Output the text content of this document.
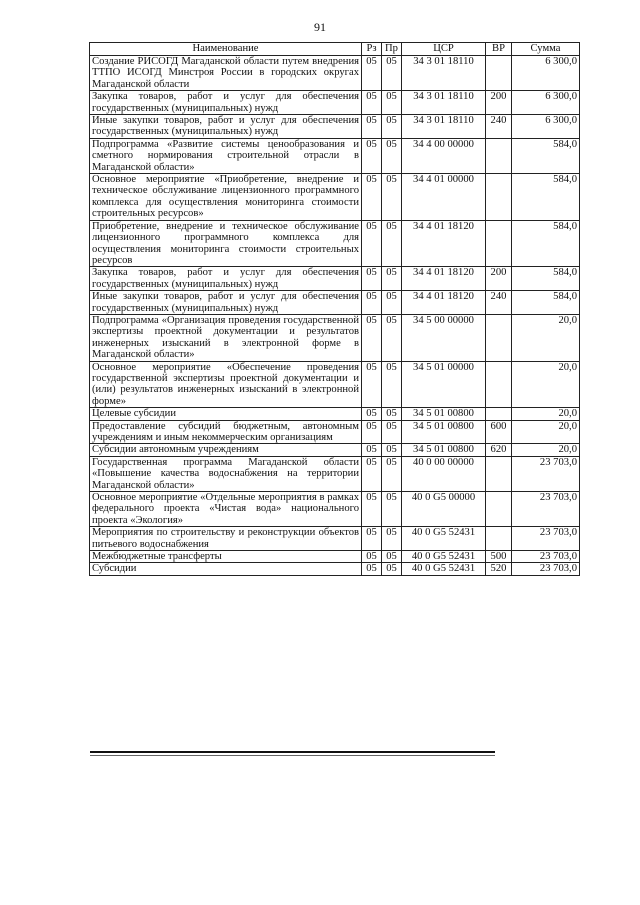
91
Наименование	Рз	Пр	ЦСР	ВР	Сумма
Создание РИСОГД Магаданской области путем внедрения ТТПО ИСОГД Минстроя России в городских округах Магаданской области	05	05	34 3 01 18110		6 300,0
Закупка товаров, работ и услуг для обеспечения государственных (муниципальных) нужд	05	05	34 3 01 18110	200	6 300,0
Иные закупки товаров, работ и услуг для обеспечения государственных (муниципальных) нужд	05	05	34 3 01 18110	240	6 300,0
Подпрограмма «Развитие системы ценообразования и сметного нормирования строительной отрасли в Магаданской области»	05	05	34 4 00 00000		584,0
Основное мероприятие «Приобретение, внедрение и техническое обслуживание лицензионного программного комплекса для осуществления мониторинга стоимости строительных ресурсов»	05	05	34 4 01 00000		584,0
Приобретение, внедрение и техническое обслуживание лицензионного программного комплекса для осуществления мониторинга стоимости строительных ресурсов	05	05	34 4 01 18120		584,0
Закупка товаров, работ и услуг для обеспечения государственных (муниципальных) нужд	05	05	34 4 01 18120	200	584,0
Иные закупки товаров, работ и услуг для обеспечения государственных (муниципальных) нужд	05	05	34 4 01 18120	240	584,0
Подпрограмма «Организация проведения государственной экспертизы проектной документации и результатов инженерных изысканий в электронной форме в Магаданской области»	05	05	34 5 00 00000		20,0
Основное мероприятие «Обеспечение проведения государственной экспертизы проектной документации и (или) результатов инженерных изысканий в электронной форме»	05	05	34 5 01 00000		20,0
Целевые субсидии	05	05	34 5 01 00800		20,0
Предоставление субсидий бюджетным, автономным учреждениям и иным некоммерческим организациям	05	05	34 5 01 00800	600	20,0
Субсидии автономным учреждениям	05	05	34 5 01 00800	620	20,0
Государственная программа Магаданской области «Повышение качества водоснабжения на территории Магаданской области»	05	05	40 0 00 00000		23 703,0
Основное мероприятие «Отдельные мероприятия в рамках федерального проекта «Чистая вода» национального проекта «Экология»	05	05	40 0 G5 00000		23 703,0
Мероприятия по строительству и реконструкции объектов питьевого водоснабжения	05	05	40 0 G5 52431		23 703,0
Межбюджетные трансферты	05	05	40 0 G5 52431	500	23 703,0
Субсидии	05	05	40 0 G5 52431	520	23 703,0
